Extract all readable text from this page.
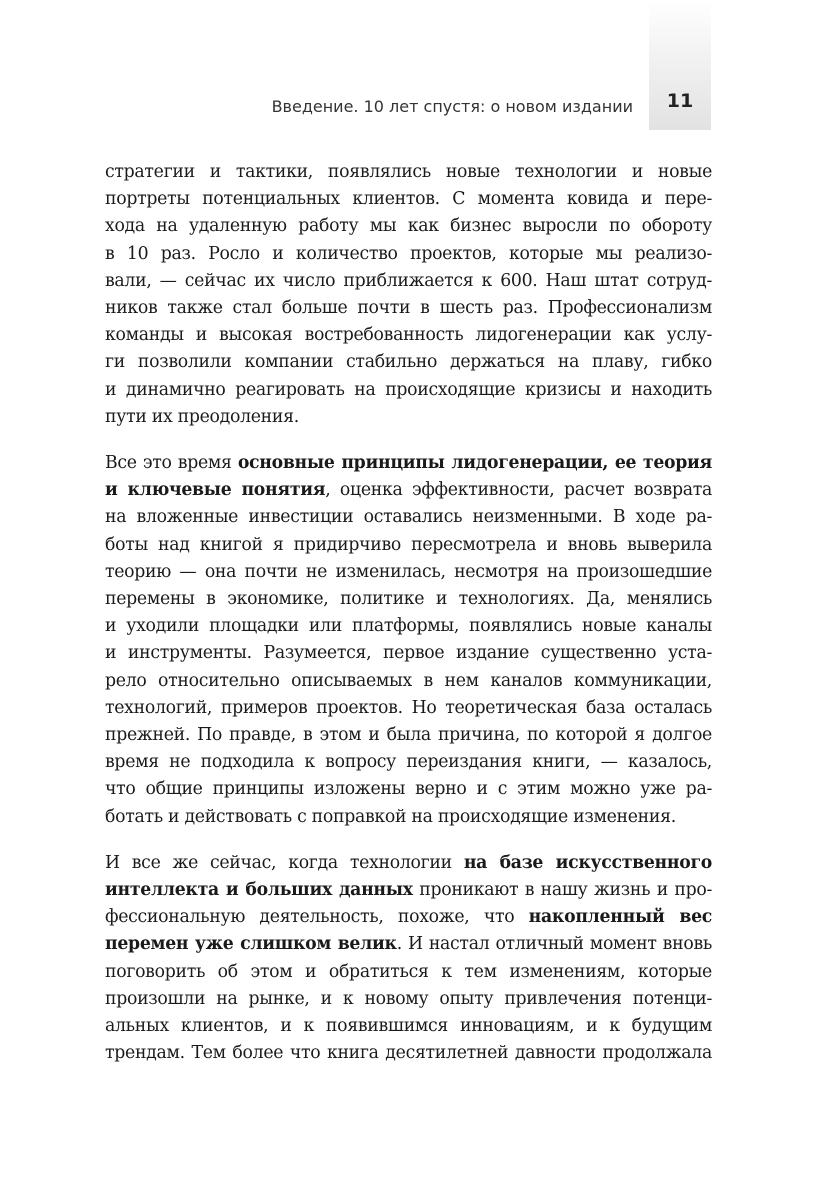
11
Введение. 10 лет спустя: о новом издании
стратегии и тактики, появлялись новые технологии и новые
портреты потенциальных клиентов. С момента ковида и пере-
хода на удаленную работу мы как бизнес выросли по обороту
в 10 раз. Росло и количество проектов, которые мы реализо-
вали, — сейчас их число приближается к 600. Наш штат сотруд-
ников также стал больше почти в шесть раз. Профессионализм
команды и высокая востребованность лидогенерации как услу-
ги позволили компании стабильно держаться на плаву, гибко
и динамично реагировать на происходящие кризисы и находить
пути их преодоления.
Все это время основные принципы лидогенерации, ее теория
и ключевые понятия, оценка эффективности, расчет возврата
на вложенные инвестиции оставались неизменными. В ходе ра-
боты над книгой я придирчиво пересмотрела и вновь выверила
теорию — она почти не изменилась, несмотря на произошедшие
перемены в экономике, политике и технологиях. Да, менялись
и уходили площадки или платформы, появлялись новые каналы
и инструменты. Разумеется, первое издание существенно уста-
рело относительно описываемых в нем каналов коммуникации,
технологий, примеров проектов. Но теоретическая база осталась
прежней. По правде, в этом и была причина, по которой я долгое
время не подходила к вопросу переиздания книги, — казалось,
что общие принципы изложены верно и с этим можно уже ра-
ботать и действовать с поправкой на происходящие изменения.
И все же сейчас, когда технологии на базе искусственного
интеллекта и больших данных проникают в нашу жизнь и про-
фессиональную деятельность, похоже, что накопленный вес
перемен уже слишком велик. И настал отличный момент вновь
поговорить об этом и обратиться к тем изменениям, которые
произошли на рынке, и к новому опыту привлечения потенци-
альных клиентов, и к появившимся инновациям, и к будущим
трендам. Тем более что книга десятилетней давности продолжала
